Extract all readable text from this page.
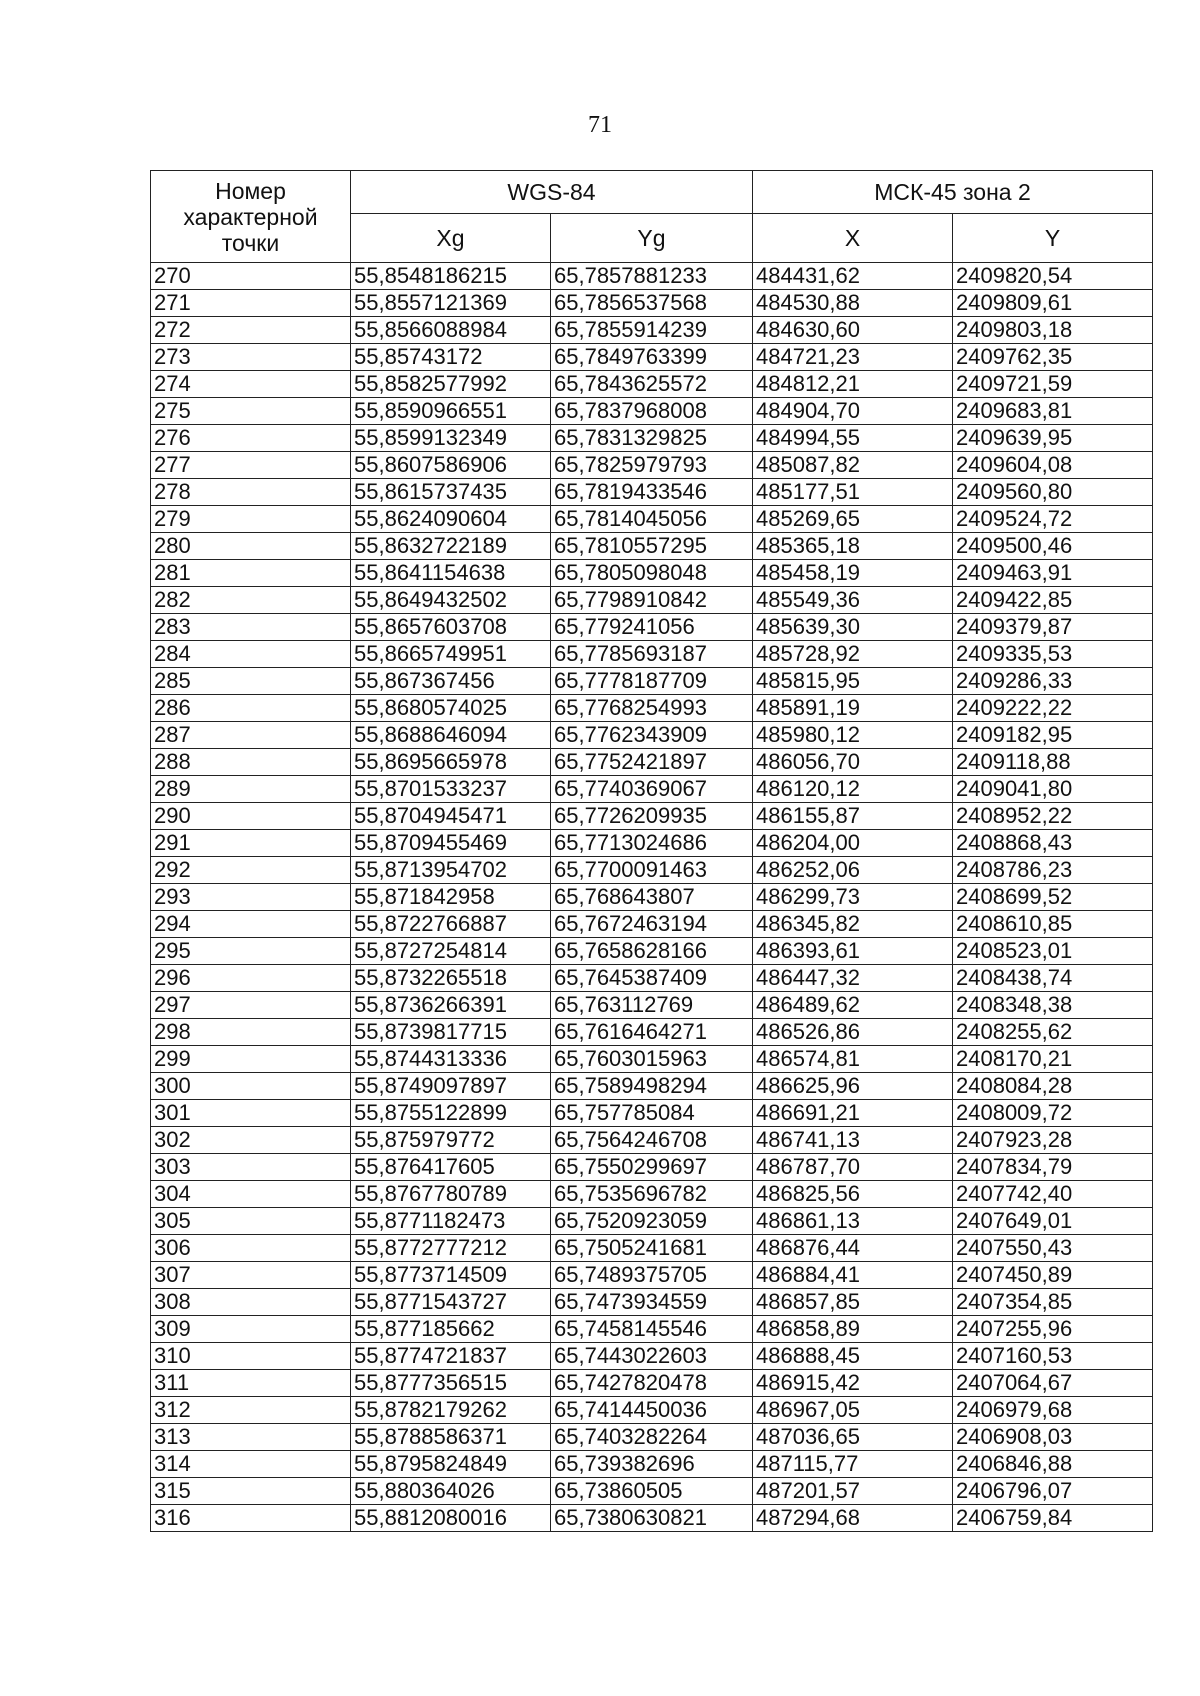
71
Номер характерной точки	WGS-84		МСК-45 зона 2	
	Xg	Yg	X	Y
270	55,8548186215	65,7857881233	484431,62	2409820,54
271	55,8557121369	65,7856537568	484530,88	2409809,61
272	55,8566088984	65,7855914239	484630,60	2409803,18
273	55,85743172	65,7849763399	484721,23	2409762,35
274	55,8582577992	65,7843625572	484812,21	2409721,59
275	55,8590966551	65,7837968008	484904,70	2409683,81
276	55,8599132349	65,7831329825	484994,55	2409639,95
277	55,8607586906	65,7825979793	485087,82	2409604,08
278	55,8615737435	65,7819433546	485177,51	2409560,80
279	55,8624090604	65,7814045056	485269,65	2409524,72
280	55,8632722189	65,7810557295	485365,18	2409500,46
281	55,8641154638	65,7805098048	485458,19	2409463,91
282	55,8649432502	65,7798910842	485549,36	2409422,85
283	55,8657603708	65,779241056	485639,30	2409379,87
284	55,8665749951	65,7785693187	485728,92	2409335,53
285	55,867367456	65,7778187709	485815,95	2409286,33
286	55,8680574025	65,7768254993	485891,19	2409222,22
287	55,8688646094	65,7762343909	485980,12	2409182,95
288	55,8695665978	65,7752421897	486056,70	2409118,88
289	55,8701533237	65,7740369067	486120,12	2409041,80
290	55,8704945471	65,7726209935	486155,87	2408952,22
291	55,8709455469	65,7713024686	486204,00	2408868,43
292	55,8713954702	65,7700091463	486252,06	2408786,23
293	55,871842958	65,768643807	486299,73	2408699,52
294	55,8722766887	65,7672463194	486345,82	2408610,85
295	55,8727254814	65,7658628166	486393,61	2408523,01
296	55,8732265518	65,7645387409	486447,32	2408438,74
297	55,8736266391	65,763112769	486489,62	2408348,38
298	55,8739817715	65,7616464271	486526,86	2408255,62
299	55,8744313336	65,7603015963	486574,81	2408170,21
300	55,8749097897	65,7589498294	486625,96	2408084,28
301	55,8755122899	65,757785084	486691,21	2408009,72
302	55,875979772	65,7564246708	486741,13	2407923,28
303	55,876417605	65,7550299697	486787,70	2407834,79
304	55,8767780789	65,7535696782	486825,56	2407742,40
305	55,8771182473	65,7520923059	486861,13	2407649,01
306	55,8772777212	65,7505241681	486876,44	2407550,43
307	55,8773714509	65,7489375705	486884,41	2407450,89
308	55,8771543727	65,7473934559	486857,85	2407354,85
309	55,877185662	65,7458145546	486858,89	2407255,96
310	55,8774721837	65,7443022603	486888,45	2407160,53
311	55,8777356515	65,7427820478	486915,42	2407064,67
312	55,8782179262	65,7414450036	486967,05	2406979,68
313	55,8788586371	65,7403282264	487036,65	2406908,03
314	55,8795824849	65,739382696	487115,77	2406846,88
315	55,880364026	65,73860505	487201,57	2406796,07
316	55,8812080016	65,7380630821	487294,68	2406759,84
